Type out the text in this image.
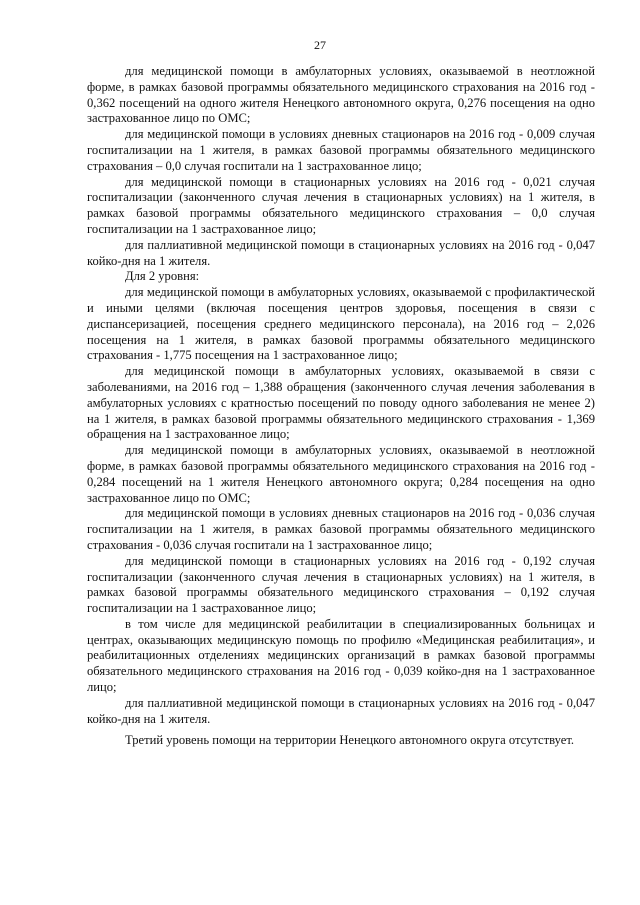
27

для медицинской помощи в амбулаторных условиях, оказываемой в неотложной форме, в рамках базовой программы обязательного медицинского страхования на 2016 год - 0,362 посещений на одного жителя Ненецкого автономного округа, 0,276 посещения на одно застрахованное лицо по ОМС;

для медицинской помощи в условиях дневных стационаров на 2016 год - 0,009 случая госпитализации на 1 жителя, в рамках базовой программы обязательного медицинского страхования – 0,0 случая госпитали на 1 застрахованное лицо;

для медицинской помощи в стационарных условиях на 2016 год - 0,021 случая госпитализации (законченного случая лечения в стационарных условиях) на 1 жителя, в рамках базовой программы обязательного медицинского страхования – 0,0 случая госпитализации на 1 застрахованное лицо;

для паллиативной медицинской помощи в стационарных условиях на 2016 год - 0,047 койко-дня на 1 жителя.

Для 2 уровня:

для медицинской помощи в амбулаторных условиях, оказываемой с профилактической и иными целями (включая посещения центров здоровья, посещения в связи с диспансеризацией, посещения среднего медицинского персонала), на 2016 год – 2,026 посещения на 1 жителя, в рамках базовой программы обязательного медицинского страхования - 1,775 посещения на 1 застрахованное лицо;

для медицинской помощи в амбулаторных условиях, оказываемой в связи с заболеваниями, на 2016 год – 1,388 обращения (законченного случая лечения заболевания в амбулаторных условиях с кратностью посещений по поводу одного заболевания не менее 2) на 1 жителя, в рамках базовой программы обязательного медицинского страхования - 1,369 обращения на 1 застрахованное лицо;

для медицинской помощи в амбулаторных условиях, оказываемой в неотложной форме, в рамках базовой программы обязательного медицинского страхования на 2016 год - 0,284 посещений на 1 жителя Ненецкого автономного округа; 0,284 посещения на одно застрахованное лицо по ОМС;

для медицинской помощи в условиях дневных стационаров на 2016 год - 0,036 случая госпитализации на 1 жителя, в рамках базовой программы обязательного медицинского страхования - 0,036 случая госпитали на 1 застрахованное лицо;

для медицинской помощи в стационарных условиях на 2016 год - 0,192 случая госпитализации (законченного случая лечения в стационарных условиях) на 1 жителя, в рамках базовой программы обязательного медицинского страхования – 0,192 случая госпитализации на 1 застрахованное лицо;

в том числе для медицинской реабилитации в специализированных больницах и центрах, оказывающих медицинскую помощь по профилю «Медицинская реабилитация», и реабилитационных отделениях медицинских организаций в рамках базовой программы обязательного медицинского страхования на 2016 год - 0,039 койко-дня на 1 застрахованное лицо;

для паллиативной медицинской помощи в стационарных условиях на 2016 год - 0,047 койко-дня на 1 жителя.

Третий уровень помощи на территории Ненецкого автономного округа отсутствует.
